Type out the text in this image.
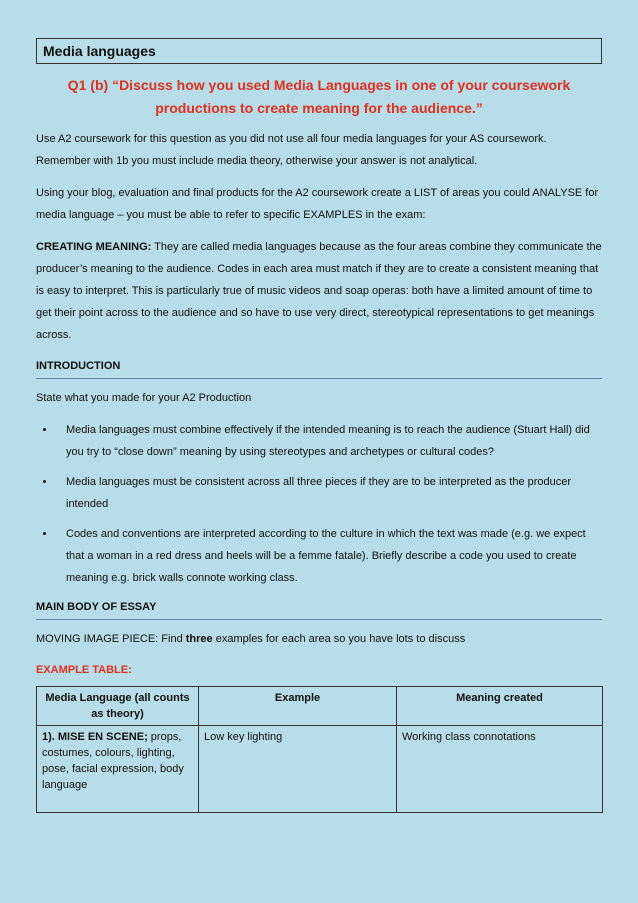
Media languages
Q1 (b) “Discuss how you used Media Languages in one of your coursework productions to create meaning for the audience.”

Use A2 coursework for this question as you did not use all four media languages for your AS coursework. Remember with 1b you must include media theory, otherwise your answer is not analytical.

Using your blog, evaluation and final products for the A2 coursework create a LIST of areas you could ANALYSE for media language – you must be able to refer to specific EXAMPLES in the exam:

CREATING MEANING: They are called media languages because as the four areas combine they communicate the producer’s meaning to the audience. Codes in each area must match if they are to create a consistent meaning that is easy to interpret. This is particularly true of music videos and soap operas: both have a limited amount of time to get their point across to the audience and so have to use very direct, stereotypical representations to get meanings across.

INTRODUCTION

State what you made for your A2 Production

• Media languages must combine effectively if the intended meaning is to reach the audience (Stuart Hall) did you try to “close down” meaning by using stereotypes and archetypes or cultural codes?
• Media languages must be consistent across all three pieces if they are to be interpreted as the producer intended
• Codes and conventions are interpreted according to the culture in which the text was made (e.g. we expect that a woman in a red dress and heels will be a femme fatale). Briefly describe a code you used to create meaning e.g. brick walls connote working class.
MAIN BODY OF ESSAY

MOVING IMAGE PIECE: Find three examples for each area so you have lots to discuss

EXAMPLE TABLE:
Media Language (all counts as theory)	Example	Meaning created
1). MISE EN SCENE; props, costumes, colours, lighting, pose, facial expression, body language	Low key lighting	Working class connotations
